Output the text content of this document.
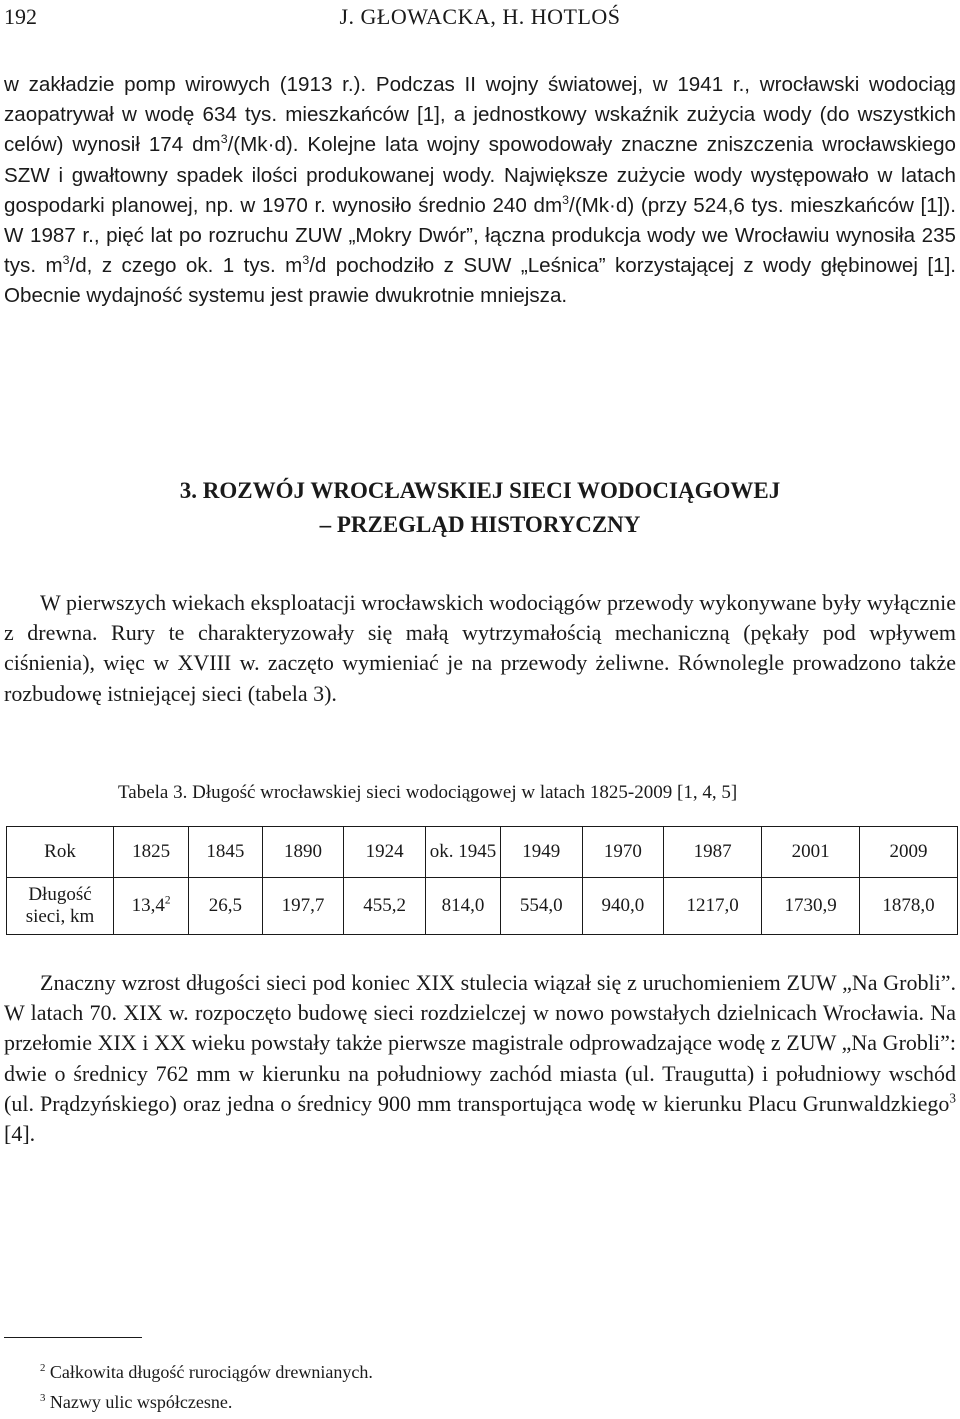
192	J. GŁOWACKA, H. HOTLOŚ

w zakładzie pomp wirowych (1913 r.). Podczas II wojny światowej, w 1941 r., wrocławski wodociąg zaopatrywał w wodę 634 tys. mieszkańców [1], a jednostkowy wskaźnik zużycia wody (do wszystkich celów) wynosił 174 $dm^3/(Mk\cdot d)$. Kolejne lata wojny spowodowały znaczne zniszczenia wrocławskiego SZW i gwałtowny spadek ilości produkowanej wody. Największe zużycie wody występowało w latach gospodarki planowej, np. w 1970 r. wynosiło średnio 240 $dm^3/(Mk\cdot d)$ (przy 524,6 tys. mieszkańców [1]). W 1987 r., pięć lat po rozruchu ZUW „Mokry Dwór”, łączna produkcja wody we Wrocławiu wynosiła 235 tys. $m^3/d$, z czego ok. 1 tys. $m^3/d$ pochodziło z SUW „Leśnica” korzystającej z wody głębinowej [1]. Obecnie wydajność systemu jest prawie dwukrotnie mniejsza.

3. ROZWÓJ WROCŁAWSKIEJ SIECI WODOCIĄGOWEJ
– PRZEGLĄD HISTORYCZNY

W pierwszych wiekach eksploatacji wrocławskich wodociągów przewody wykonywane były wyłącznie z drewna. Rury te charakteryzowały się małą wytrzymałością mechaniczną (pękały pod wpływem ciśnienia), więc w XVIII w. zaczęto wymieniać je na przewody żeliwne. Równolegle prowadzono także rozbudowę istniejącej sieci (tabela 3).

Tabela 3. Długość wrocławskiej sieci wodociągowej w latach 1825-2009 [1, 4, 5]

Rok	1825	1845	1890	1924	ok. 1945	1949	1970	1987	2001	2009
Długość
sieci, km	13,4$^2$	26,5	197,7	455,2	814,0	554,0	940,0	1217,0	1730,9	1878,0

Znaczny wzrost długości sieci pod koniec XIX stulecia wiązał się z uruchomieniem ZUW „Na Grobli”. W latach 70. XIX w. rozpoczęto budowę sieci rozdzielczej w nowo powstałych dzielnicach Wrocławia. Na przełomie XIX i XX wieku powstały także pierwsze magistrale odprowadzające wodę z ZUW „Na Grobli”: dwie o średnicy 762 mm w kierunku na południowy zachód miasta (ul. Traugutta) i południowy wschód (ul. Prądzyńskiego) oraz jedna o średnicy 900 mm transportująca wodę w kierunku Placu Grunwaldzkiego$^3$ [4].

$^2$ Całkowita długość rurociągów drewnianych.

$^3$ Nazwy ulic współczesne.
